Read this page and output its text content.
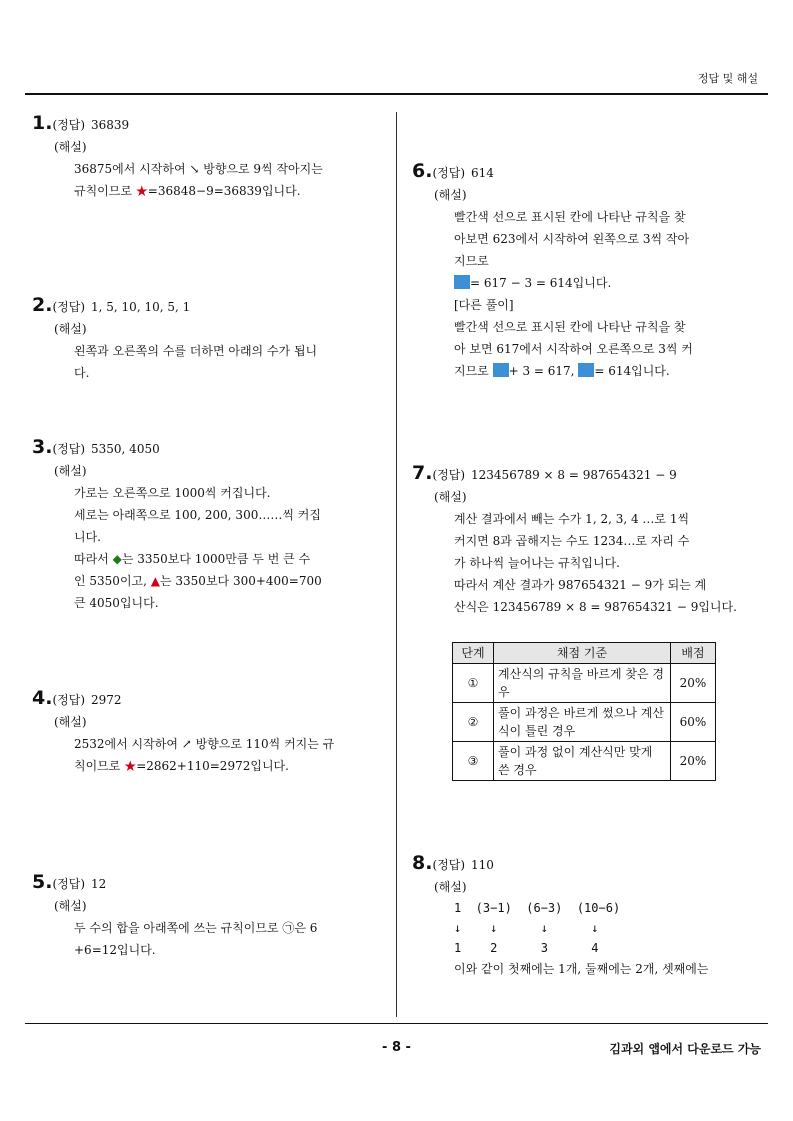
정답 및 해설
1.(정답) 36839
(해설)
36875에서 시작하여 ↘ 방향으로 9씩 작아지는
규칙이므로 ★=36848−9=36839입니다.
2.(정답) 1, 5, 10, 10, 5, 1
(해설)
왼쪽과 오른쪽의 수를 더하면 아래의 수가 됩니
다.
3.(정답) 5350, 4050
(해설)
가로는 오른쪽으로 1000씩 커집니다.
세로는 아래쪽으로 100, 200, 300……씩 커집
니다.
따라서 ◆는 3350보다 1000만큼 두 번 큰 수
인 5350이고, ▲는 3350보다 300+400=700
큰 4050입니다.
4.(정답) 2972
(해설)
2532에서 시작하여 ↗ 방향으로 110씩 커지는 규
칙이므로 ★=2862+110=2972입니다.
5.(정답) 12
(해설)
두 수의 합을 아래쪽에 쓰는 규칙이므로 ㉠은 6
+6=12입니다.
6.(정답) 614
(해설)
빨간색 선으로 표시된 칸에 나타난 규칙을 찾
아보면 623에서 시작하여 왼쪽으로 3씩 작아
지므로
= 617 − 3 = 614입니다.
[다른 풀이]
빨간색 선으로 표시된 칸에 나타난 규칙을 찾
아 보면 617에서 시작하여 오른쪽으로 3씩 커
지므로 + 3 = 617, = 614입니다.
7.(정답) 123456789 × 8 = 987654321 − 9
(해설)
계산 결과에서 빼는 수가 1, 2, 3, 4 …로 1씩
커지면 8과 곱해지는 수도 1234…로 자리 수
가 하나씩 늘어나는 규칙입니다.
따라서 계산 결과가 987654321 − 9가 되는 계
산식은 123456789 × 8 = 987654321 − 9입니다.
단계	채점 기준	배점
①	계산식의 규칙을 바르게 찾은 경우	20%
②	풀이 과정은 바르게 썼으나 계산식이 틀린 경우	60%
③	풀이 과정 없이 계산식만 맞게 쓴 경우	20%
8.(정답) 110
(해설)
1  (3−1)  (6−3)  (10−6)
↓    ↓      ↓      ↓
1    2      3      4
이와 같이 첫째에는 1개, 둘째에는 2개, 셋째에는
- 8 -	김과외 앱에서 다운로드 가능
